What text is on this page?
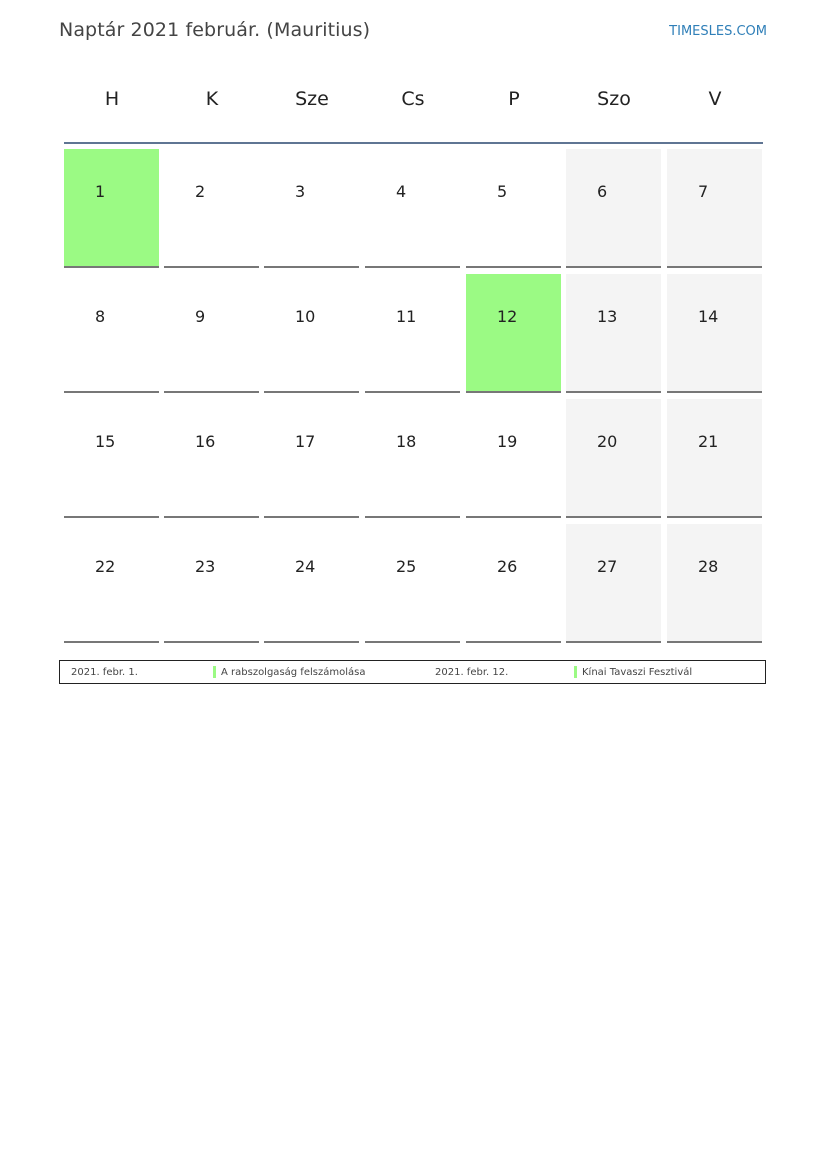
Naptár 2021 február. (Mauritius)	TIMESLES.COM
H	K	Sze	Cs	P	Szo	V
1	2	3	4	5	6	7
8	9	10	11	12	13	14
15	16	17	18	19	20	21
22	23	24	25	26	27	28
2021. febr. 1.	A rabszolgaság felszámolása	2021. febr. 12.	Kínai Tavaszi Fesztivál
